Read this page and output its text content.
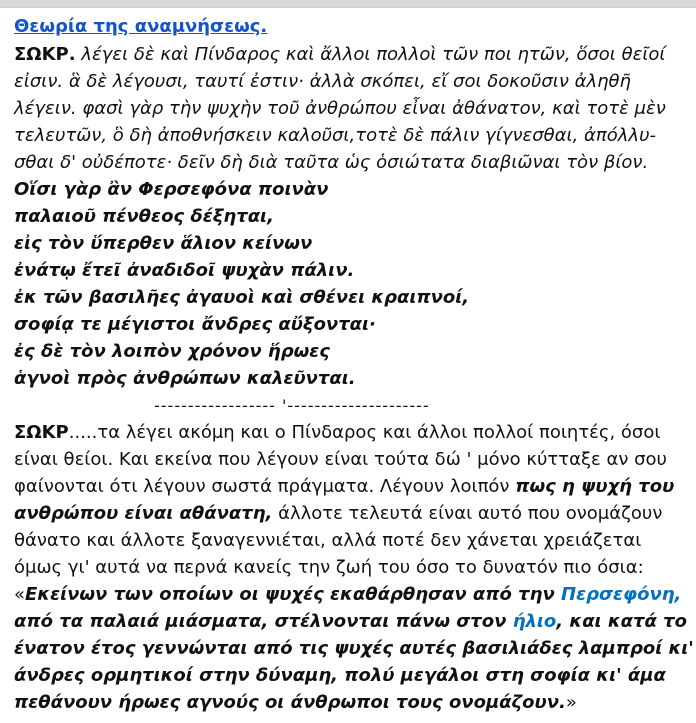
Θεωρία της αναμνήσεως.
ΣΩΚΡ. λέγει δὲ καὶ Πίνδαρος καὶ ἄλλοι πολλοὶ τῶν ποι ητῶν, ὅσοι θεῖοί
εἰσιν. ἃ δὲ λέγουσι, ταυτί ἐστιν· ἀλλὰ σκόπει, εἴ σοι δοκοῦσιν ἀληθῆ
λέγειν. φασὶ γὰρ τὴν ψυχὴν τοῦ ἀνθρώπου εἶναι ἀθάνατον, καὶ τοτὲ μὲν
τελευτῶν, ὃ δὴ ἀποθνήσκειν καλοῦσι,τοτὲ δὲ πάλιν γίγνεσθαι, ἀπόλλυ-
σθαι δ' οὐδέποτε· δεῖν δὴ διὰ ταῦτα ὡς ὁσιώτατα διαβιῶναι τὸν βίον.
Οἵσι γὰρ ἂν Φερσεφόνα ποινὰν
παλαιοῦ πένθεος δέξηται,
εἰς τὸν ὕπερθεν ἅλιον κείνων
ἐνάτῳ ἔτεῖ ἀναδιδοῖ ψυχὰν πάλιν.
ἐκ τῶν βασιλῆες ἀγαυοὶ καὶ σθένει κραιπνοί,
σοφίᾳ τε μέγιστοι ἄνδρες αὔξονται·
ἐς δὲ τὸν λοιπὸν χρόνον ἥρωες
ἁγνοὶ πρὸς ἀνθρώπων καλεῦνται.
------------------ '---------------------
ΣΩΚΡ.....τα λέγει ακόμη και ο Πίνδαρος και άλλοι πολλοί ποιητές, όσοι
είναι θείοι. Και εκείνα που λέγουν είναι τούτα δώ ' μόνο κύτταξε αν σου
φαίνονται ότι λέγουν σωστά πράγματα. Λέγουν λοιπόν πως η ψυχή του
ανθρώπου είναι αθάνατη, άλλοτε τελευτά είναι αυτό που ονομάζουν
θάνατο και άλλοτε ξαναγεννιέται, αλλά ποτέ δεν χάνεται χρειάζεται
όμως γι' αυτά να περνά κανείς την ζωή του όσο το δυνατόν πιο όσια:
«Εκείνων των οποίων οι ψυχές εκαθάρθησαν από την Περσεφόνη,
από τα παλαιά μιάσματα, στέλνονται πάνω στον ήλιο, και κατά το
ένατον έτος γεννώνται από τις ψυχές αυτές βασιλιάδες λαμπροί κι'
άνδρες ορμητικοί στην δύναμη, πολύ μεγάλοι στη σοφία κι' άμα
πεθάνουν ήρωες αγνούς οι άνθρωποι τους ονομάζουν.»
